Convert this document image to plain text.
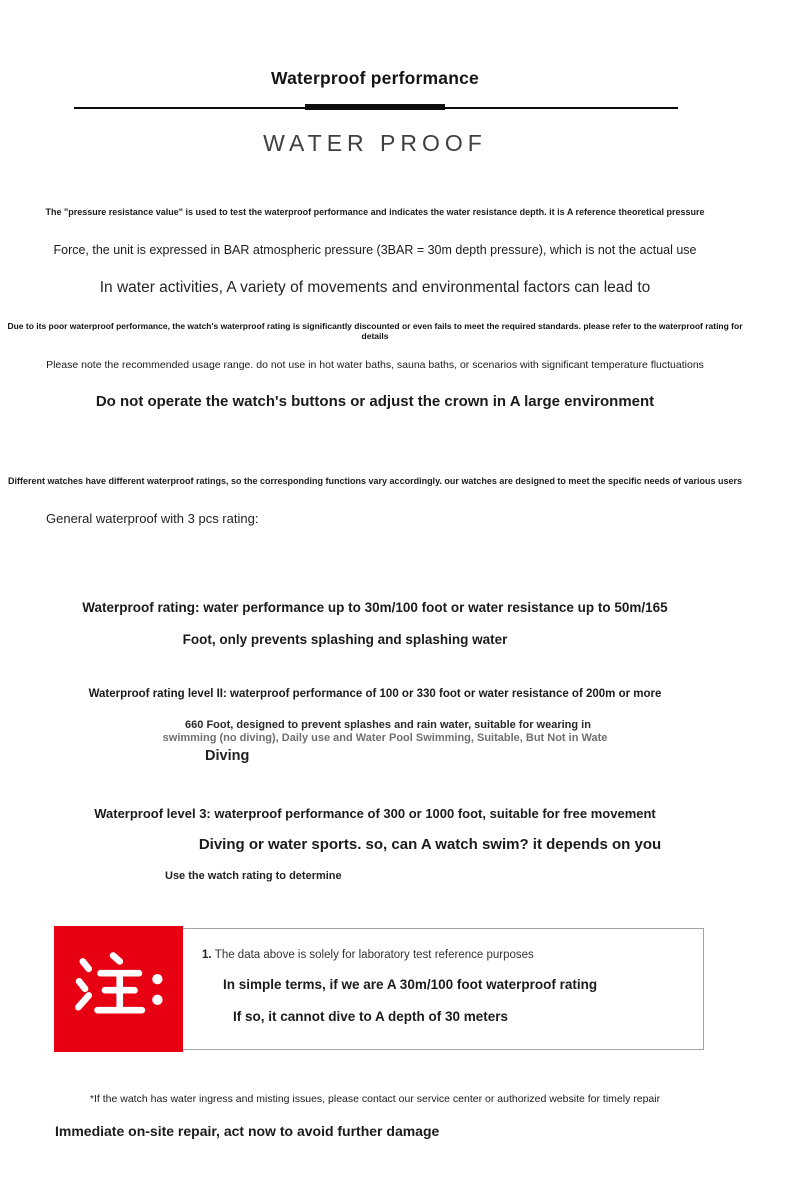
Waterproof performance
WATER PROOF
The "pressure resistance value" is used to test the waterproof performance and indicates the water resistance depth. it is A reference theoretical pressure
Force, the unit is expressed in BAR atmospheric pressure (3BAR = 30m depth pressure), which is not the actual use
In water activities, A variety of movements and environmental factors can lead to
Due to its poor waterproof performance, the watch's waterproof rating is significantly discounted or even fails to meet the required standards. please refer to the waterproof rating for details
Please note the recommended usage range. do not use in hot water baths, sauna baths, or scenarios with significant temperature fluctuations
Do not operate the watch's buttons or adjust the crown in A large environment
Different watches have different waterproof ratings, so the corresponding functions vary accordingly. our watches are designed to meet the specific needs of various users
General waterproof with 3 pcs rating:
Waterproof rating: water performance up to 30m/100 foot or water resistance up to 50m/165
Foot, only prevents splashing and splashing water
Waterproof rating level II: waterproof performance of 100 or 330 foot or water resistance of 200m or more
660 Foot, designed to prevent splashes and rain water, suitable for wearing in
swimming (no diving), Daily use and Water Pool Swimming, Suitable, But Not in Wate
Diving
Waterproof level 3: waterproof performance of 300 or 1000 foot, suitable for free movement
Diving or water sports. so, can A watch swim? it depends on you
Use the watch rating to determine
1. The data above is solely for laboratory test reference purposes
In simple terms, if we are A 30m/100 foot waterproof rating
If so, it cannot dive to A depth of 30 meters
*If the watch has water ingress and misting issues, please contact our service center or authorized website for timely repair
Immediate on-site repair, act now to avoid further damage
